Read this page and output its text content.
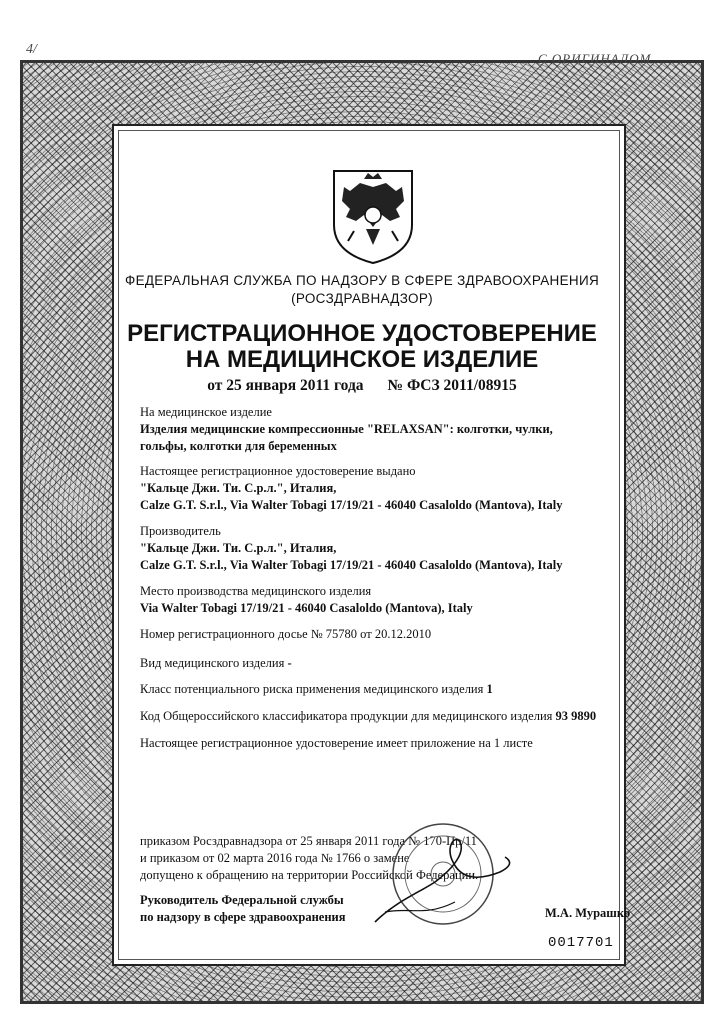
4/
С ОРИГИНАЛОМ
ФЕДЕРАЛЬНАЯ СЛУЖБА ПО НАДЗОРУ В СФЕРЕ ЗДРАВООХРАНЕНИЯ
(РОСЗДРАВНАДЗОР)
РЕГИСТРАЦИОННОЕ УДОСТОВЕРЕНИЕ
НА МЕДИЦИНСКОЕ ИЗДЕЛИЕ
от 25 января 2011 года № ФСЗ 2011/08915
На медицинское изделие
Изделия медицинские компрессионные "RELAXSAN": колготки, чулки,
гольфы, колготки для беременных
Настоящее регистрационное удостоверение выдано
"Кальце Джи. Ти. С.р.л.", Италия,
Calze G.T. S.r.l., Via Walter Tobagi 17/19/21 - 46040 Casaloldo (Mantova), Italy
Производитель
"Кальце Джи. Ти. С.р.л.", Италия,
Calze G.T. S.r.l., Via Walter Tobagi 17/19/21 - 46040 Casaloldo (Mantova), Italy
Место производства медицинского изделия
Via Walter Tobagi 17/19/21 - 46040 Casaloldo (Mantova), Italy
Номер регистрационного досье № 75780 от 20.12.2010
Вид медицинского изделия -
Класс потенциального риска применения медицинского изделия 1
Код Общероссийского классификатора продукции для медицинского изделия 93 9890
Настоящее регистрационное удостоверение имеет приложение на 1 листе
приказом Росздравнадзора от 25 января 2011 года № 170-Пр/11
и приказом от 02 марта 2016 года № 1766 о замене
допущено к обращению на территории Российской Федерации.
Руководитель Федеральной службы
по надзору в сфере здравоохранения	М.А. Мурашко
0017701
